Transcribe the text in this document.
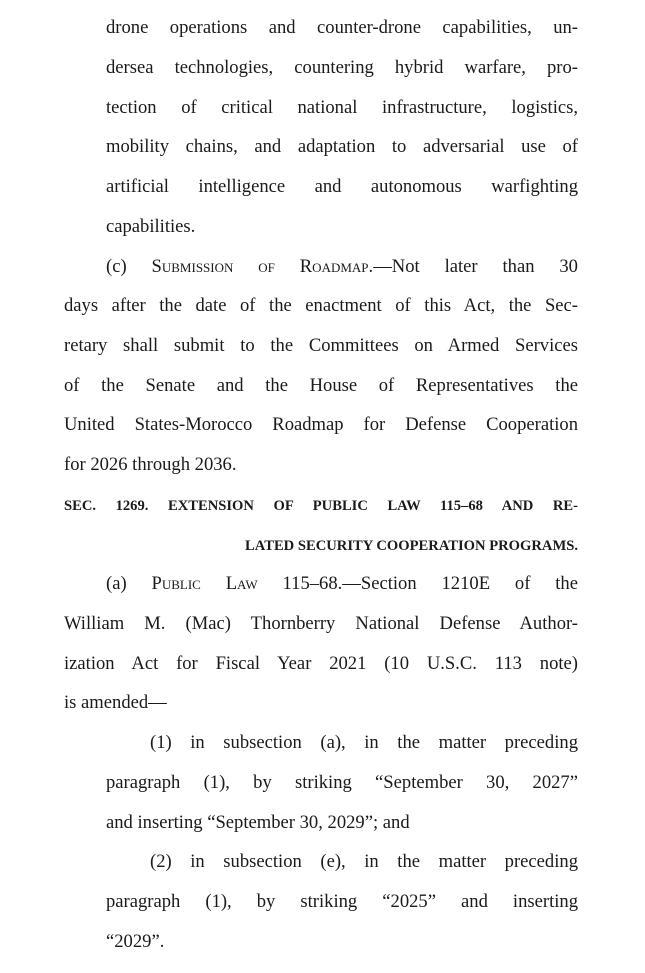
drone operations and counter-drone capabilities, un-
dersea technologies, countering hybrid warfare, pro-
tection of critical national infrastructure, logistics,
mobility chains, and adaptation to adversarial use of
artificial intelligence and autonomous warfighting
capabilities.
(c) Submission of Roadmap.—Not later than 30
days after the date of the enactment of this Act, the Sec-
retary shall submit to the Committees on Armed Services
of the Senate and the House of Representatives the
United States-Morocco Roadmap for Defense Cooperation
for 2026 through 2036.
SEC. 1269. EXTENSION OF PUBLIC LAW 115–68 AND RE-
LATED SECURITY COOPERATION PROGRAMS.
(a) Public Law 115–68.—Section 1210E of the
William M. (Mac) Thornberry National Defense Author-
ization Act for Fiscal Year 2021 (10 U.S.C. 113 note)
is amended—
(1) in subsection (a), in the matter preceding
paragraph (1), by striking “September 30, 2027”
and inserting “September 30, 2029”; and
(2) in subsection (e), in the matter preceding
paragraph (1), by striking “2025” and inserting
“2029”.
